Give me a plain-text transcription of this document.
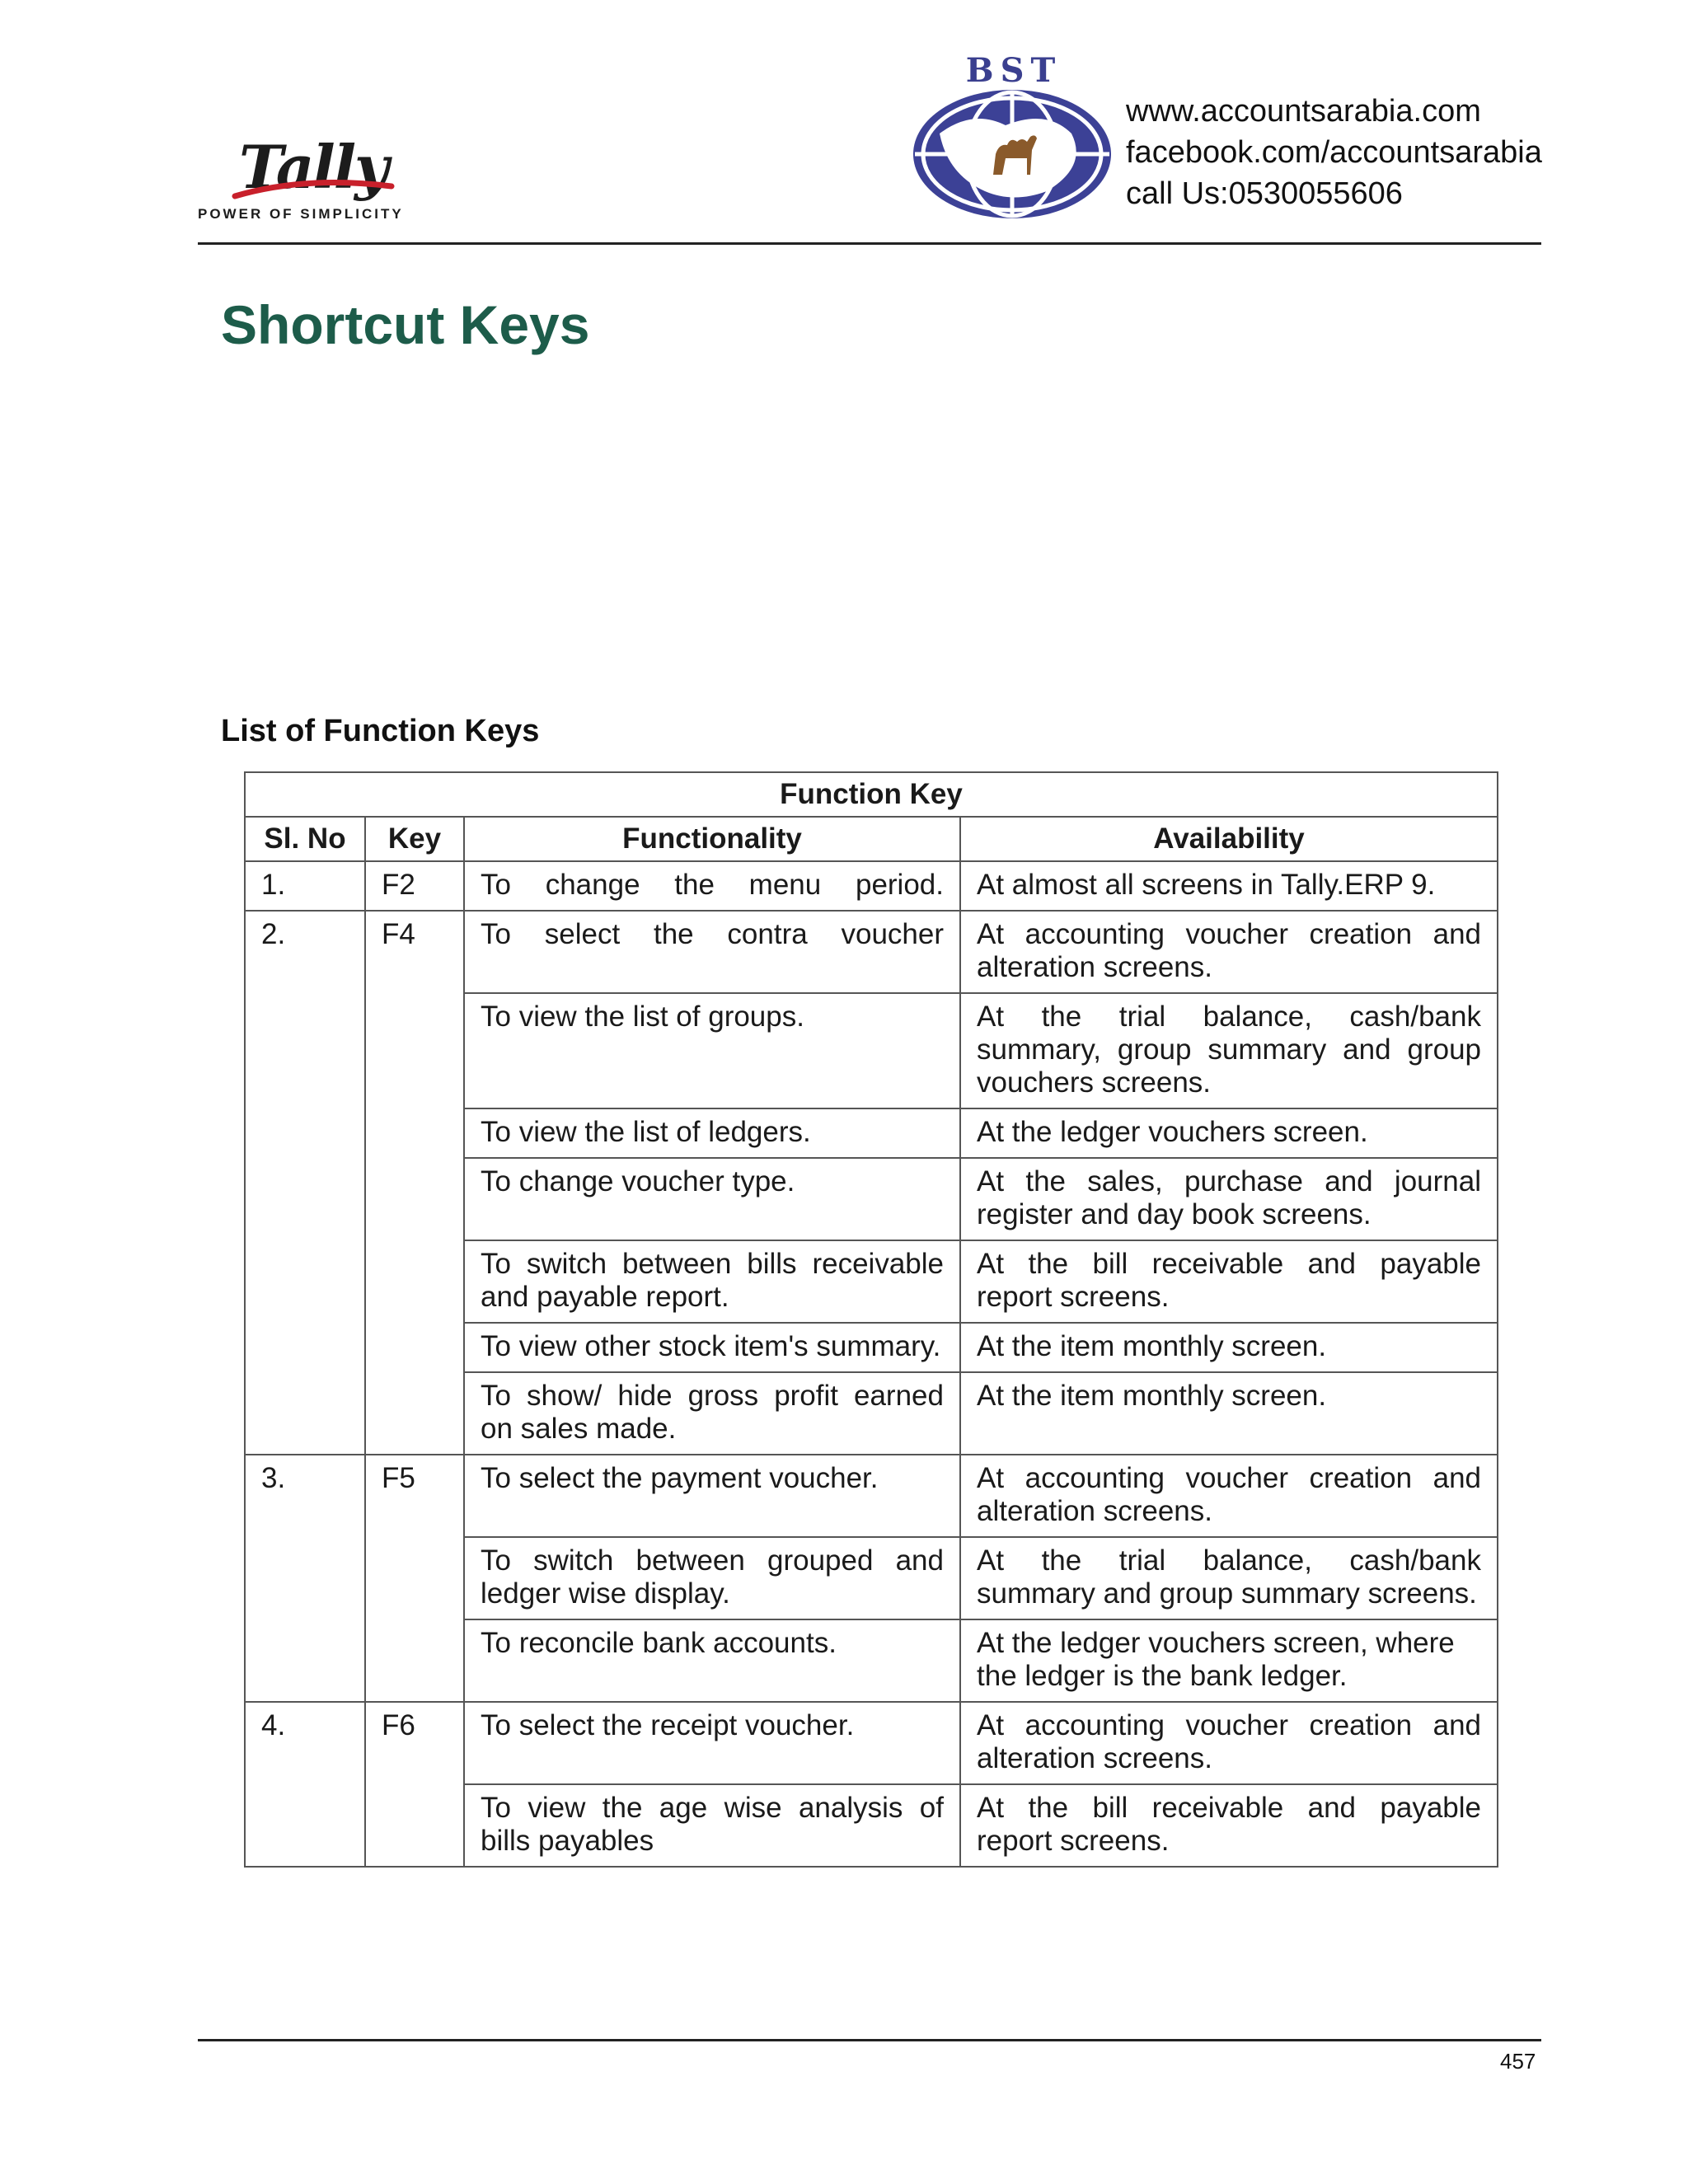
Tally
POWER OF SIMPLICITY
BST
www.accountsarabia.com
facebook.com/accountsarabia
call Us:0530055606
Shortcut Keys
List of Function Keys
Function Key			
Sl. No	Key	Functionality	Availability
1.	F2	To change the menu period.	At almost all screens in Tally.ERP 9.
2.	F4	To select the contra voucher	At accounting voucher creation and alteration screens.
		To view the list of groups.	At the trial balance, cash/bank summary, group summary and group vouchers screens.
		To view the list of ledgers.	At the ledger vouchers screen.
		To change voucher type.	At the sales, purchase and journal register and day book screens.
		To switch between bills receivable and payable report.	At the bill receivable and payable report screens.
		To view other stock item's summary.	At the item monthly screen.
		To show/ hide gross profit earned on sales made.	At the item monthly screen.
3.	F5	To select the payment voucher.	At accounting voucher creation and alteration screens.
		To switch between grouped and ledger wise display.	At the trial balance, cash/bank summary and group summary screens.
		To reconcile bank accounts.	At the ledger vouchers screen, where the ledger is the bank ledger.
4.	F6	To select the receipt voucher.	At accounting voucher creation and alteration screens.
		To view the age wise analysis of bills payables	At the bill receivable and payable report screens.
457
